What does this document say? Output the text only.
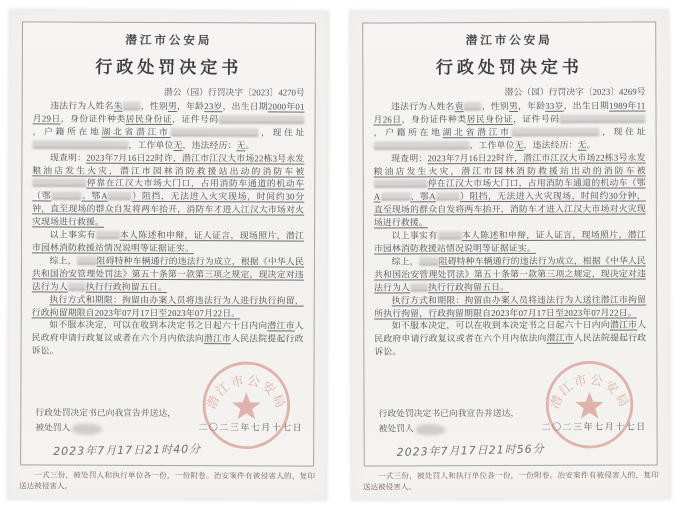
潜江市公安局
行政处罚决定书
潜公（园）行罚决字〔2023〕4270号

违法行为人姓名朱 ，性别男，年龄23岁，出生日期2000年01月29日，身份证件种类居民身份证，证件号码，户籍所在地湖北省潜江市	，现住址，工作单位无，违法经历：无。

现查明：2023年7月16日22时许，潜江市江汉大市场22栋3号永发粮油店发生火灾，潜江市园林消防救援站出动的消防车被停靠在江汉大市场大门口，占用消防车通道的机动车（鄂	、鄂A	）阻挡，无法进入火灾现场，时间约30分钟，直至现场的群众自发将两车抬开，消防车才进入江汉大市场对火灾现场进行救援。

以上事实有	本人陈述和申辩，证人证言，现场照片，潜江市园林消防救援站情况说明等证据证实。

综上， 阻碍特种车辆通行的违法行为成立，根据《中华人民共和国治安管理处罚法》第五十条第一款第三项之规定，现决定对违法行为人 执行行政拘留五日。

执行方式和期限：拘留由办案人员将违法行为人进行执行拘留，行政拘留期限自2023年07月17日至2023年07月22日。

如不服本决定，可以在收到本决定书之日起六十日内向潜江市人民政府申请行政复议或者在六个月内依法向潜江市人民法院提起行政诉讼。

潜江市公安局
二〇二三年七月十七日
行政处罚决定书已向我宣告并送达，
被处罚人
2023年7月17日21时40分
一式三份，被处罚人和执行单位各一份，一份附卷。治安案件有被侵害人的，复印送达被侵害人。
潜江市公安局
行政处罚决定书
潜公（园）行罚决字〔2023〕4269号

违法行为人姓名袁 ，性别男，年龄33岁，出生日期1989年11月26日，身份证件种类居民身份证，证件号码，户籍所在地湖北省潜江市	，现住址，工作单位无，违法经历：无。

现查明：2023年7月16日22时许，潜江市江汉大市场22栋3号永发粮油店发生火灾，潜江市园林消防救援站出动的消防车被停在江汉大市场大门口，占用消防车通道的机动车（鄂A	、鄂A	）阻挡，无法进入火灾现场，时间约30分钟，直至现场的群众自发将两车抬开，消防车才进入江汉大市场对火灾现场进行救援。

以上事实有	本人陈述和申辩，证人证言，现场照片，潜江市园林消防救援站情况说明等证据证实。

综上， 阻碍特种车辆通行的违法行为成立，根据《中华人民共和国治安管理处罚法》第五十条第一款第三项之规定，现决定对违法行为人 执行行政拘留五日。

执行方式和期限：拘留由办案人员将违法行为人送往潜江市拘留所执行拘留，行政拘留期限自2023年07月17日至2023年07月22日。

如不服本决定，可以在收到本决定书之日起六十日内向潜江市人民政府申请行政复议或者在六个月内依法向潜江市人民法院提起行政诉讼。

潜江市公安局
二〇二三年七月十七日
行政处罚决定书已向我宣告并送达，
被处罚人
2023年7月17日21时56分
一式三份，被处罚人和执行单位各一份，一份附卷。治安案件有被侵害人的，复印送达被侵害人。
